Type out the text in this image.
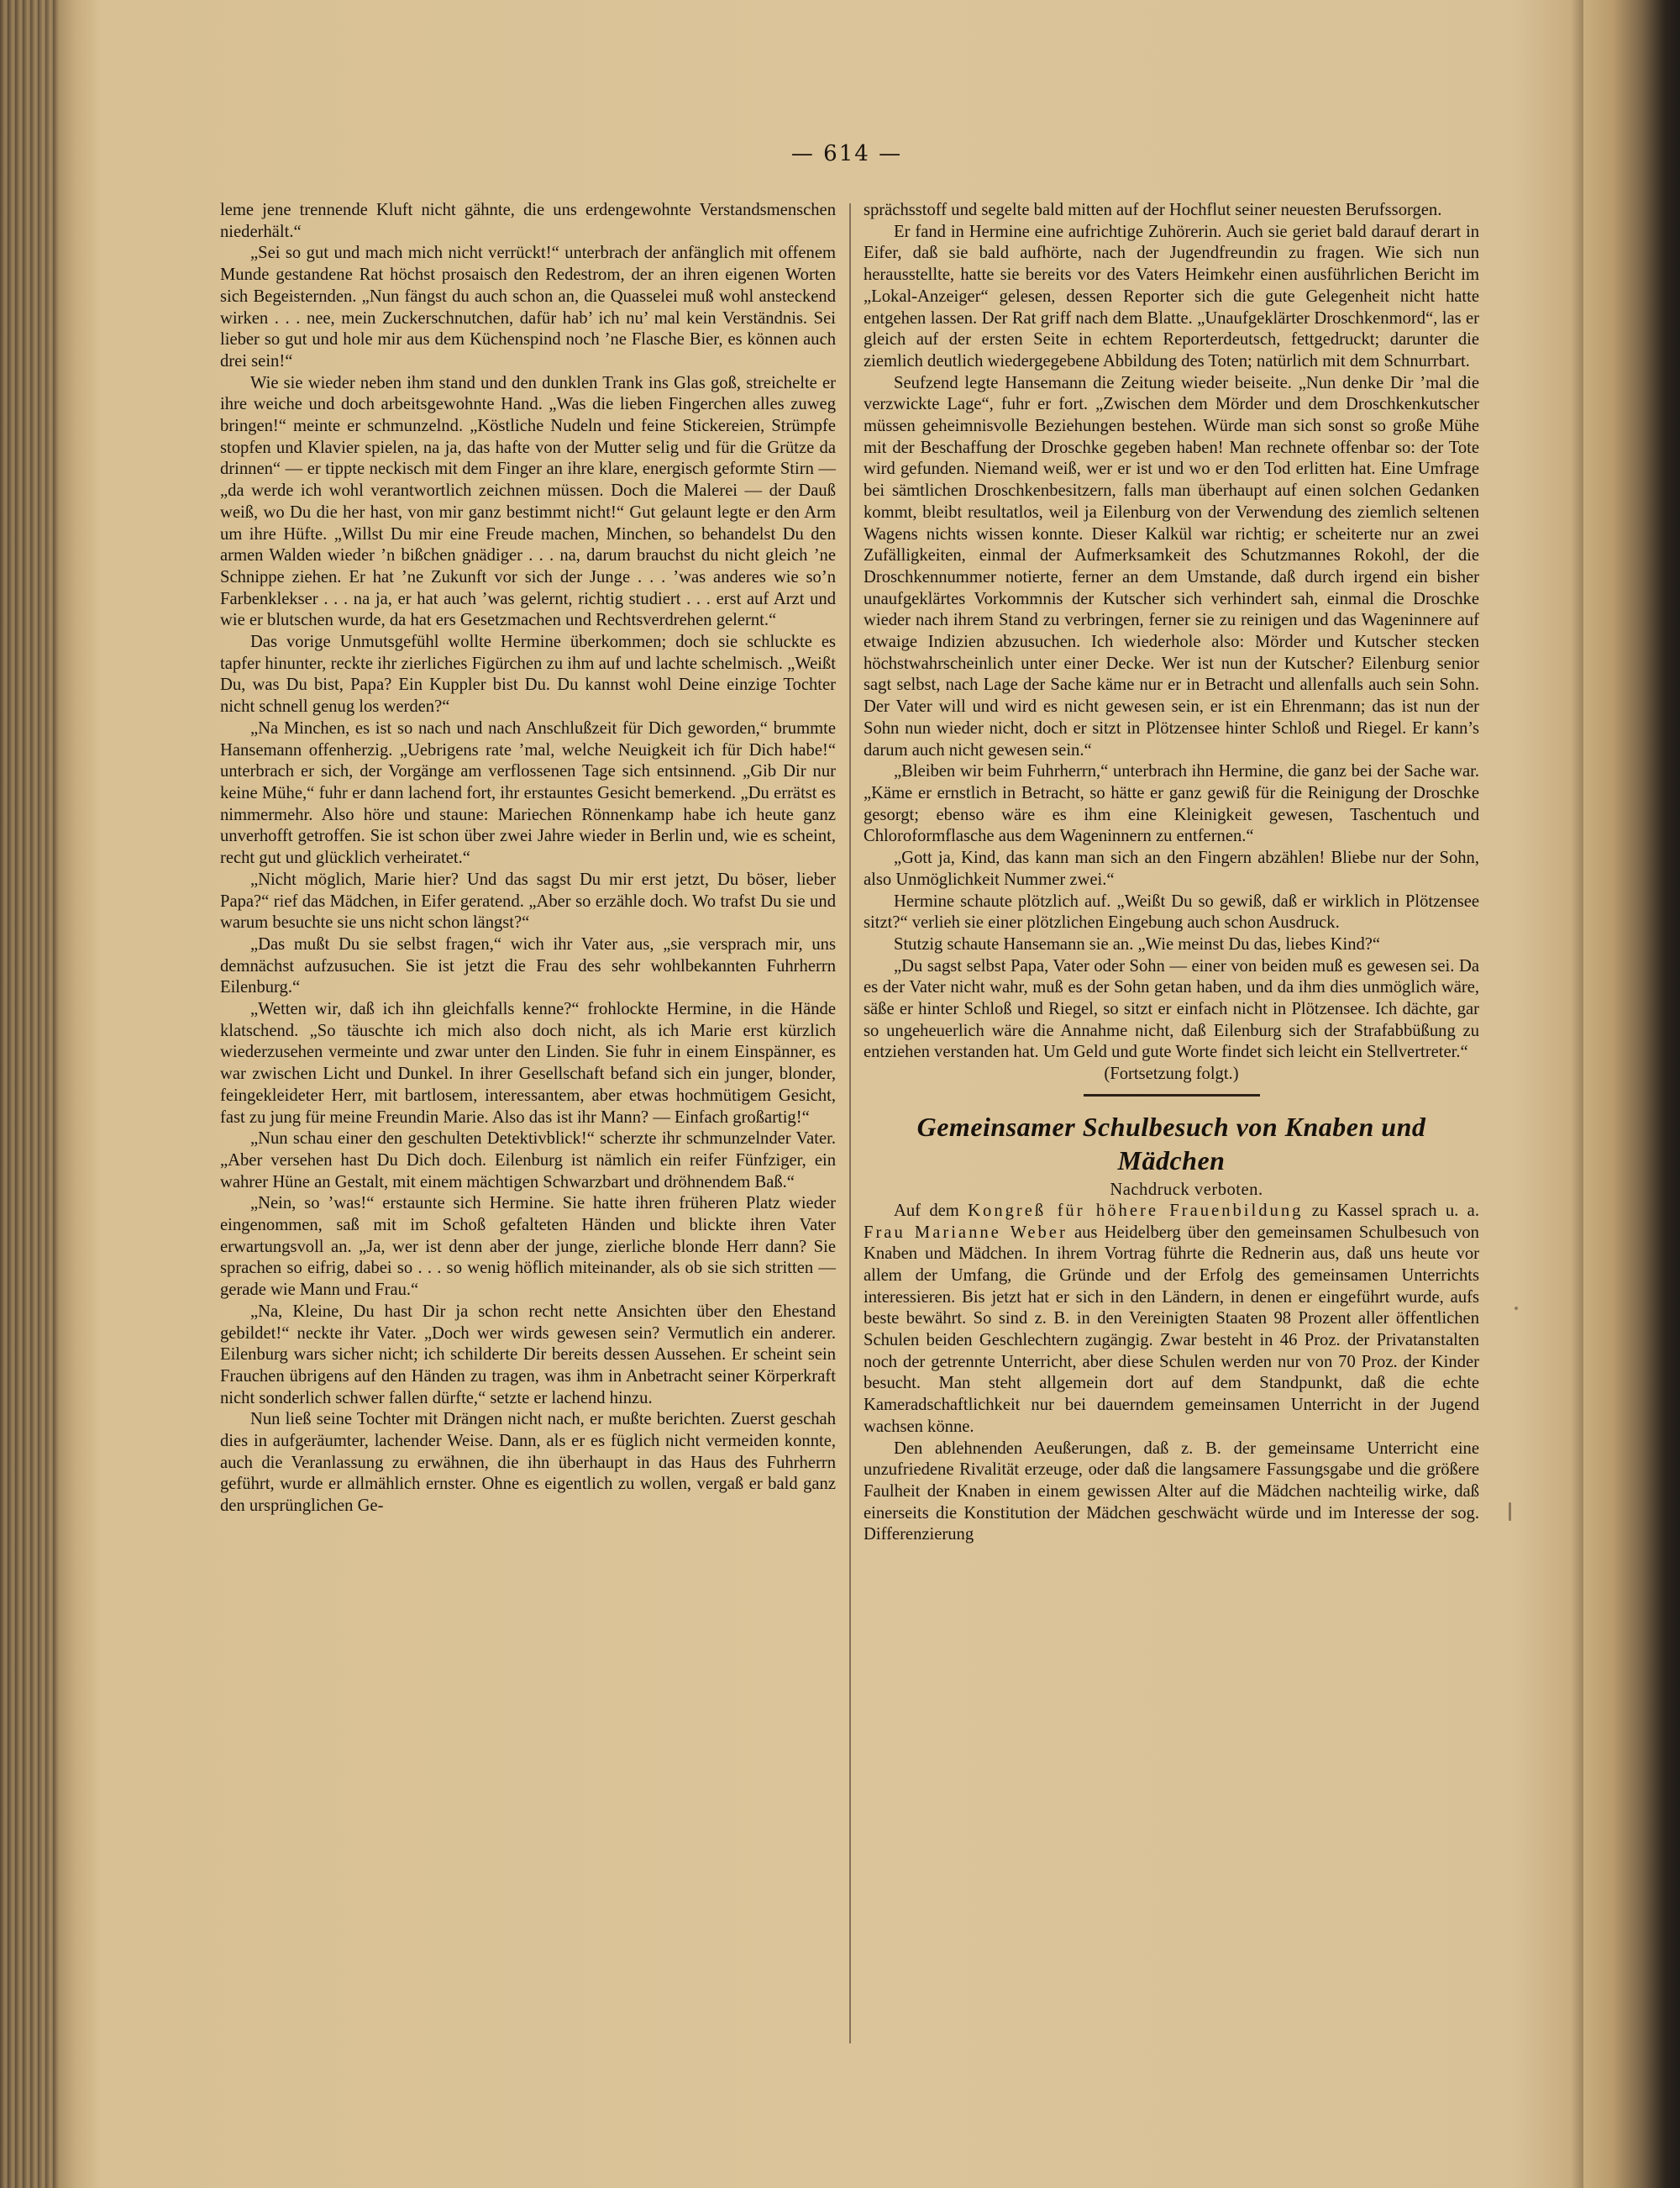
— 614 —

leme jene trennende Kluft nicht gähnte, die uns erdengewohnte Verstandsmenschen niederhält.“

„Sei so gut und mach mich nicht verrückt!“ unterbrach der anfänglich mit offenem Munde gestandene Rat höchst prosaisch den Redestrom, der an ihren eigenen Worten sich Begeisternden. „Nun fängst du auch schon an, die Quasselei muß wohl ansteckend wirken . . . nee, mein Zuckerschnutchen, dafür hab’ ich nu’ mal kein Verständnis. Sei lieber so gut und hole mir aus dem Küchenspind noch ’ne Flasche Bier, es können auch drei sein!“

Wie sie wieder neben ihm stand und den dunklen Trank ins Glas goß, streichelte er ihre weiche und doch arbeitsgewohnte Hand. „Was die lieben Fingerchen alles zuweg bringen!“ meinte er schmunzelnd. „Köstliche Nudeln und feine Stickereien, Strümpfe stopfen und Klavier spielen, na ja, das hafte von der Mutter selig und für die Grütze da drinnen“ — er tippte neckisch mit dem Finger an ihre klare, energisch geformte Stirn — „da werde ich wohl verantwortlich zeichnen müssen. Doch die Malerei — der Dauß weiß, wo Du die her hast, von mir ganz bestimmt nicht!“ Gut gelaunt legte er den Arm um ihre Hüfte. „Willst Du mir eine Freude machen, Minchen, so behandelst Du den armen Walden wieder ’n bißchen gnädiger . . . na, darum brauchst du nicht gleich ’ne Schnippe ziehen. Er hat ’ne Zukunft vor sich der Junge . . . ’was anderes wie so’n Farbenklekser . . . na ja, er hat auch ’was gelernt, richtig studiert . . . erst auf Arzt und wie er blutschen wurde, da hat ers Gesetzmachen und Rechtsverdrehen gelernt.“

Das vorige Unmutsgefühl wollte Hermine überkommen; doch sie schluckte es tapfer hinunter, reckte ihr zierliches Figürchen zu ihm auf und lachte schelmisch. „Weißt Du, was Du bist, Papa? Ein Kuppler bist Du. Du kannst wohl Deine einzige Tochter nicht schnell genug los werden?“

„Na Minchen, es ist so nach und nach Anschlußzeit für Dich geworden,“ brummte Hansemann offenherzig. „Uebrigens rate ’mal, welche Neuigkeit ich für Dich habe!“ unterbrach er sich, der Vorgänge am verflossenen Tage sich entsinnend. „Gib Dir nur keine Mühe,“ fuhr er dann lachend fort, ihr erstauntes Gesicht bemerkend. „Du errätst es nimmermehr. Also höre und staune: Mariechen Rönnenkamp habe ich heute ganz unverhofft getroffen. Sie ist schon über zwei Jahre wieder in Berlin und, wie es scheint, recht gut und glücklich verheiratet.“

„Nicht möglich, Marie hier? Und das sagst Du mir erst jetzt, Du böser, lieber Papa?“ rief das Mädchen, in Eifer geratend. „Aber so erzähle doch. Wo trafst Du sie und warum besuchte sie uns nicht schon längst?“

„Das mußt Du sie selbst fragen,“ wich ihr Vater aus, „sie versprach mir, uns demnächst aufzusuchen. Sie ist jetzt die Frau des sehr wohlbekannten Fuhrherrn Eilenburg.“

„Wetten wir, daß ich ihn gleichfalls kenne?“ frohlockte Hermine, in die Hände klatschend. „So täuschte ich mich also doch nicht, als ich Marie erst kürzlich wiederzusehen vermeinte und zwar unter den Linden. Sie fuhr in einem Einspänner, es war zwischen Licht und Dunkel. In ihrer Gesellschaft befand sich ein junger, blonder, feingekleideter Herr, mit bartlosem, interessantem, aber etwas hochmütigem Gesicht, fast zu jung für meine Freundin Marie. Also das ist ihr Mann? — Einfach großartig!“

„Nun schau einer den geschulten Detektivblick!“ scherzte ihr schmunzelnder Vater. „Aber versehen hast Du Dich doch. Eilenburg ist nämlich ein reifer Fünfziger, ein wahrer Hüne an Gestalt, mit einem mächtigen Schwarzbart und dröhnendem Baß.“

„Nein, so ’was!“ erstaunte sich Hermine. Sie hatte ihren früheren Platz wieder eingenommen, saß mit im Schoß gefalteten Händen und blickte ihren Vater erwartungsvoll an. „Ja, wer ist denn aber der junge, zierliche blonde Herr dann? Sie sprachen so eifrig, dabei so . . . so wenig höflich miteinander, als ob sie sich stritten — gerade wie Mann und Frau.“

„Na, Kleine, Du hast Dir ja schon recht nette Ansichten über den Ehestand gebildet!“ neckte ihr Vater. „Doch wer wirds gewesen sein? Vermutlich ein anderer. Eilenburg wars sicher nicht; ich schilderte Dir bereits dessen Aussehen. Er scheint sein Frauchen übrigens auf den Händen zu tragen, was ihm in Anbetracht seiner Körperkraft nicht sonderlich schwer fallen dürfte,“ setzte er lachend hinzu.

Nun ließ seine Tochter mit Drängen nicht nach, er mußte berichten. Zuerst geschah dies in aufgeräumter, lachender Weise. Dann, als er es füglich nicht vermeiden konnte, auch die Veranlassung zu erwähnen, die ihn überhaupt in das Haus des Fuhrherrn geführt, wurde er allmählich ernster. Ohne es eigentlich zu wollen, vergaß er bald ganz den ursprünglichen Ge-

sprächsstoff und segelte bald mitten auf der Hochflut seiner neuesten Berufssorgen.

Er fand in Hermine eine aufrichtige Zuhörerin. Auch sie geriet bald darauf derart in Eifer, daß sie bald aufhörte, nach der Jugendfreundin zu fragen. Wie sich nun herausstellte, hatte sie bereits vor des Vaters Heimkehr einen ausführlichen Bericht im „Lokal-Anzeiger“ gelesen, dessen Reporter sich die gute Gelegenheit nicht hatte entgehen lassen. Der Rat griff nach dem Blatte. „Unaufgeklärter Droschkenmord“, las er gleich auf der ersten Seite in echtem Reporterdeutsch, fettgedruckt; darunter die ziemlich deutlich wiedergegebene Abbildung des Toten; natürlich mit dem Schnurrbart.

Seufzend legte Hansemann die Zeitung wieder beiseite. „Nun denke Dir ’mal die verzwickte Lage“, fuhr er fort. „Zwischen dem Mörder und dem Droschkenkutscher müssen geheimnisvolle Beziehungen bestehen. Würde man sich sonst so große Mühe mit der Beschaffung der Droschke gegeben haben! Man rechnete offenbar so: der Tote wird gefunden. Niemand weiß, wer er ist und wo er den Tod erlitten hat. Eine Umfrage bei sämtlichen Droschkenbesitzern, falls man überhaupt auf einen solchen Gedanken kommt, bleibt resultatlos, weil ja Eilenburg von der Verwendung des ziemlich seltenen Wagens nichts wissen konnte. Dieser Kalkül war richtig; er scheiterte nur an zwei Zufälligkeiten, einmal der Aufmerksamkeit des Schutzmannes Rokohl, der die Droschkennummer notierte, ferner an dem Umstande, daß durch irgend ein bisher unaufgeklärtes Vorkommnis der Kutscher sich verhindert sah, einmal die Droschke wieder nach ihrem Stand zu verbringen, ferner sie zu reinigen und das Wageninnere auf etwaige Indizien abzusuchen. Ich wiederhole also: Mörder und Kutscher stecken höchstwahrscheinlich unter einer Decke. Wer ist nun der Kutscher? Eilenburg senior sagt selbst, nach Lage der Sache käme nur er in Betracht und allenfalls auch sein Sohn. Der Vater will und wird es nicht gewesen sein, er ist ein Ehrenmann; das ist nun der Sohn nun wieder nicht, doch er sitzt in Plötzensee hinter Schloß und Riegel. Er kann’s darum auch nicht gewesen sein.“

„Bleiben wir beim Fuhrherrn,“ unterbrach ihn Hermine, die ganz bei der Sache war. „Käme er ernstlich in Betracht, so hätte er ganz gewiß für die Reinigung der Droschke gesorgt; ebenso wäre es ihm eine Kleinigkeit gewesen, Taschentuch und Chloroformflasche aus dem Wageninnern zu entfernen.“

„Gott ja, Kind, das kann man sich an den Fingern abzählen! Bliebe nur der Sohn, also Unmöglichkeit Nummer zwei.“

Hermine schaute plötzlich auf. „Weißt Du so gewiß, daß er wirklich in Plötzensee sitzt?“ verlieh sie einer plötzlichen Eingebung auch schon Ausdruck.

Stutzig schaute Hansemann sie an. „Wie meinst Du das, liebes Kind?“

„Du sagst selbst Papa, Vater oder Sohn — einer von beiden muß es gewesen sei. Da es der Vater nicht wahr, muß es der Sohn getan haben, und da ihm dies unmöglich wäre, säße er hinter Schloß und Riegel, so sitzt er einfach nicht in Plötzensee. Ich dächte, gar so ungeheuerlich wäre die Annahme nicht, daß Eilenburg sich der Strafabbüßung zu entziehen verstanden hat. Um Geld und gute Worte findet sich leicht ein Stellvertreter.“

(Fortsetzung folgt.)

Gemeinsamer Schulbesuch von Knaben und Mädchen

Nachdruck verboten.

Auf dem Kongreß für höhere Frauenbildung zu Kassel sprach u. a. Frau Marianne Weber aus Heidelberg über den gemeinsamen Schulbesuch von Knaben und Mädchen. In ihrem Vortrag führte die Rednerin aus, daß uns heute vor allem der Umfang, die Gründe und der Erfolg des gemeinsamen Unterrichts interessieren. Bis jetzt hat er sich in den Ländern, in denen er eingeführt wurde, aufs beste bewährt. So sind z. B. in den Vereinigten Staaten 98 Prozent aller öffentlichen Schulen beiden Geschlechtern zugängig. Zwar besteht in 46 Proz. der Privatanstalten noch der getrennte Unterricht, aber diese Schulen werden nur von 70 Proz. der Kinder besucht. Man steht allgemein dort auf dem Standpunkt, daß die echte Kameradschaftlichkeit nur bei dauerndem gemeinsamen Unterricht in der Jugend wachsen könne.

Den ablehnenden Aeußerungen, daß z. B. der gemeinsame Unterricht eine unzufriedene Rivalität erzeuge, oder daß die langsamere Fassungsgabe und die größere Faulheit der Knaben in einem gewissen Alter auf die Mädchen nachteilig wirke, daß einerseits die Konstitution der Mädchen geschwächt würde und im Interesse der sog. Differenzierung
